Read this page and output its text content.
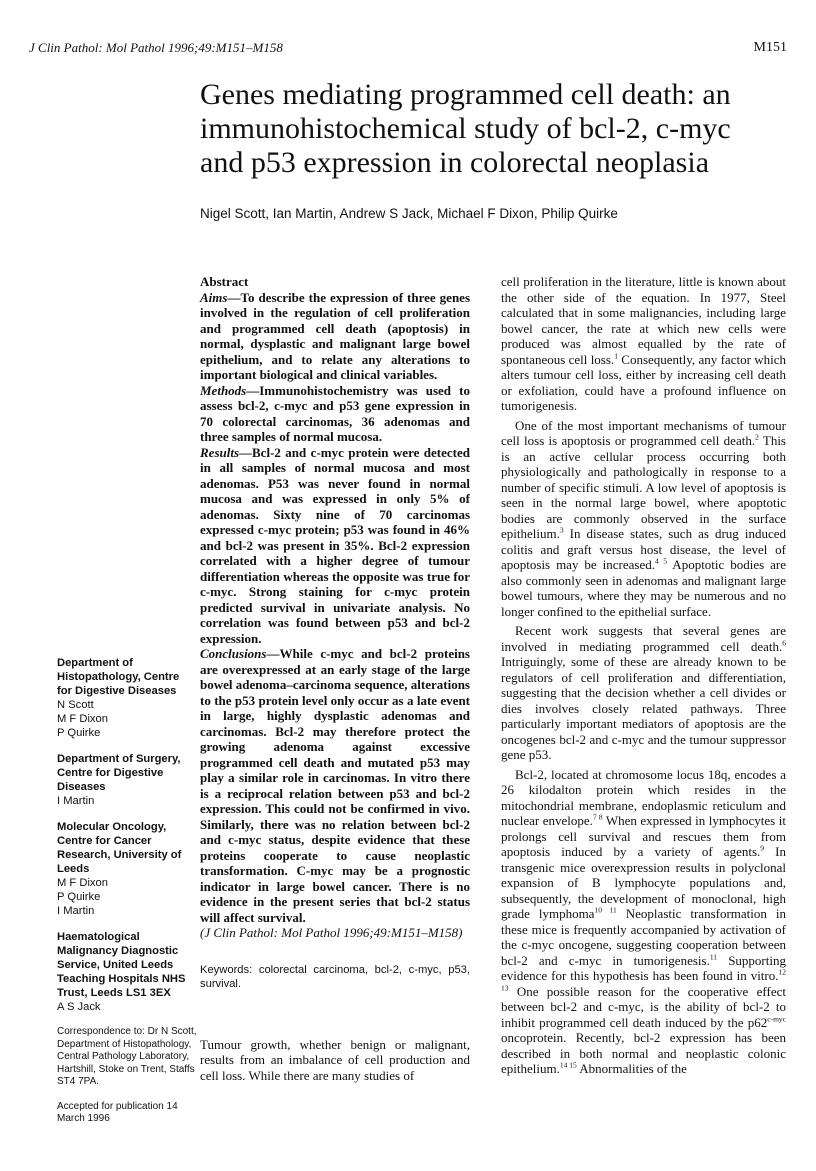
J Clin Pathol: Mol Pathol 1996;49:M151–M158	M151
Genes mediating programmed cell death: an immunohistochemical study of bcl-2, c-myc and p53 expression in colorectal neoplasia
Nigel Scott, Ian Martin, Andrew S Jack, Michael F Dixon, Philip Quirke
Department of Histopathology, Centre for Digestive Diseases
N Scott
M F Dixon
P Quirke
Department of Surgery, Centre for Digestive Diseases
I Martin
Molecular Oncology, Centre for Cancer Research, University of Leeds
M F Dixon
P Quirke
I Martin
Haematological Malignancy Diagnostic Service, United Leeds Teaching Hospitals NHS Trust, Leeds LS1 3EX
A S Jack

Correspondence to: Dr N Scott, Department of Histopathology, Central Pathology Laboratory, Hartshill, Stoke on Trent, Staffs ST4 7PA.

Accepted for publication 14 March 1996

Abstract

Aims—To describe the expression of three genes involved in the regulation of cell proliferation and programmed cell death (apoptosis) in normal, dysplastic and malignant large bowel epithelium, and to relate any alterations to important biological and clinical variables.

Methods—Immunohistochemistry was used to assess bcl-2, c-myc and p53 gene expression in 70 colorectal carcinomas, 36 adenomas and three samples of normal mucosa.

Results—Bcl-2 and c-myc protein were detected in all samples of normal mucosa and most adenomas. P53 was never found in normal mucosa and was expressed in only 5% of adenomas. Sixty nine of 70 carcinomas expressed c-myc protein; p53 was found in 46% and bcl-2 was present in 35%. Bcl-2 expression correlated with a higher degree of tumour differentiation whereas the opposite was true for c-myc. Strong staining for c-myc protein predicted survival in univariate analysis. No correlation was found between p53 and bcl-2 expression.

Conclusions—While c-myc and bcl-2 proteins are overexpressed at an early stage of the large bowel adenoma–carcinoma sequence, alterations to the p53 protein level only occur as a late event in large, highly dysplastic adenomas and carcinomas. Bcl-2 may therefore protect the growing adenoma against excessive programmed cell death and mutated p53 may play a similar role in carcinomas. In vitro there is a reciprocal relation between p53 and bcl-2 expression. This could not be confirmed in vivo. Similarly, there was no relation between bcl-2 and c-myc status, despite evidence that these proteins cooperate to cause neoplastic transformation. C-myc may be a prognostic indicator in large bowel cancer. There is no evidence in the present series that bcl-2 status will affect survival.

(J Clin Pathol: Mol Pathol 1996;49:M151–M158)

Keywords: colorectal carcinoma, bcl-2, c-myc, p53, survival.

Tumour growth, whether benign or malignant, results from an imbalance of cell production and cell loss. While there are many studies of

cell proliferation in the literature, little is known about the other side of the equation. In 1977, Steel calculated that in some malignancies, including large bowel cancer, the rate at which new cells were produced was almost equalled by the rate of spontaneous cell loss.$^1$ Consequently, any factor which alters tumour cell loss, either by increasing cell death or exfoliation, could have a profound influence on tumorigenesis.

One of the most important mechanisms of tumour cell loss is apoptosis or programmed cell death.$^2$ This is an active cellular process occurring both physiologically and pathologically in response to a number of specific stimuli. A low level of apoptosis is seen in the normal large bowel, where apoptotic bodies are commonly observed in the surface epithelium.$^3$ In disease states, such as drug induced colitis and graft versus host disease, the level of apoptosis may be increased.$^{4 5}$ Apoptotic bodies are also commonly seen in adenomas and malignant large bowel tumours, where they may be numerous and no longer confined to the epithelial surface.

Recent work suggests that several genes are involved in mediating programmed cell death.$^6$ Intriguingly, some of these are already known to be regulators of cell proliferation and differentiation, suggesting that the decision whether a cell divides or dies involves closely related pathways. Three particularly important mediators of apoptosis are the oncogenes bcl-2 and c-myc and the tumour suppressor gene p53.

Bcl-2, located at chromosome locus 18q, encodes a 26 kilodalton protein which resides in the mitochondrial membrane, endoplasmic reticulum and nuclear envelope.$^{7 8}$ When expressed in lymphocytes it prolongs cell survival and rescues them from apoptosis induced by a variety of agents.$^9$ In transgenic mice overexpression results in polyclonal expansion of B lymphocyte populations and, subsequently, the development of monoclonal, high grade lymphoma$^{10 11}$ Neoplastic transformation in these mice is frequently accompanied by activation of the c-myc oncogene, suggesting cooperation between bcl-2 and c-myc in tumorigenesis.$^{11}$ Supporting evidence for this hypothesis has been found in vitro.$^{12 13}$ One possible reason for the cooperative effect between bcl-2 and c-myc, is the ability of bcl-2 to inhibit programmed cell death induced by the $p62^{c-myc}$ oncoprotein. Recently, bcl-2 expression has been described in both normal and neoplastic colonic epithelium.$^{14 15}$ Abnormalities of the
